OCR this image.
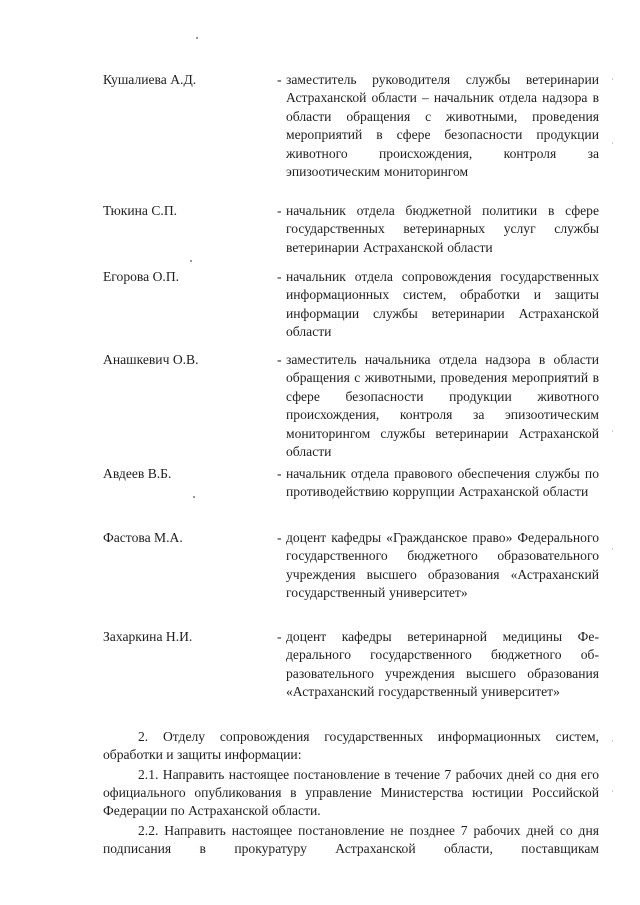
Кушалиева А.Д.	- заместитель руководителя службы ветеринарии Астраханской области – начальник отдела надзора в области обращения с животными, проведения мероприятий в сфере безопасности продукции животного происхождения, контроля за эпизоотическим мониторингом
Тюкина С.П.	- начальник отдела бюджетной политики в сфере государственных ветеринарных услуг службы ветеринарии Астраханской области
Егорова О.П.	- начальник отдела сопровождения государственных информационных систем, обработки и защиты информации службы ветеринарии Астраханской области
Анашкевич О.В.	- заместитель начальника отдела надзора в области обращения с животными, проведения мероприятий в сфере безопасности продукции животного происхождения, контроля за эпизоотическим мониторингом службы ветеринарии Астраханской области
Авдеев В.Б.	- начальник отдела правового обеспечения службы по противодействию коррупции Астраханской области
Фастова М.А.	- доцент кафедры «Гражданское право» Федерального государственного бюджетного образовательного учреждения высшего образования «Астраханский государственный университет»
Захаркина Н.И.	- доцент кафедры ветеринарной медицины Федерального государственного бюджетного образовательного учреждения высшего образования «Астраханский государственный университет»
2. Отделу сопровождения государственных информационных систем, обработки и защиты информации:
2.1. Направить настоящее постановление в течение 7 рабочих дней со дня его официального опубликования в управление Министерства юстиции Российской Федерации по Астраханской области.
2.2. Направить настоящее постановление не позднее 7 рабочих дней со дня подписания в прокуратуру Астраханской области, поставщикам
